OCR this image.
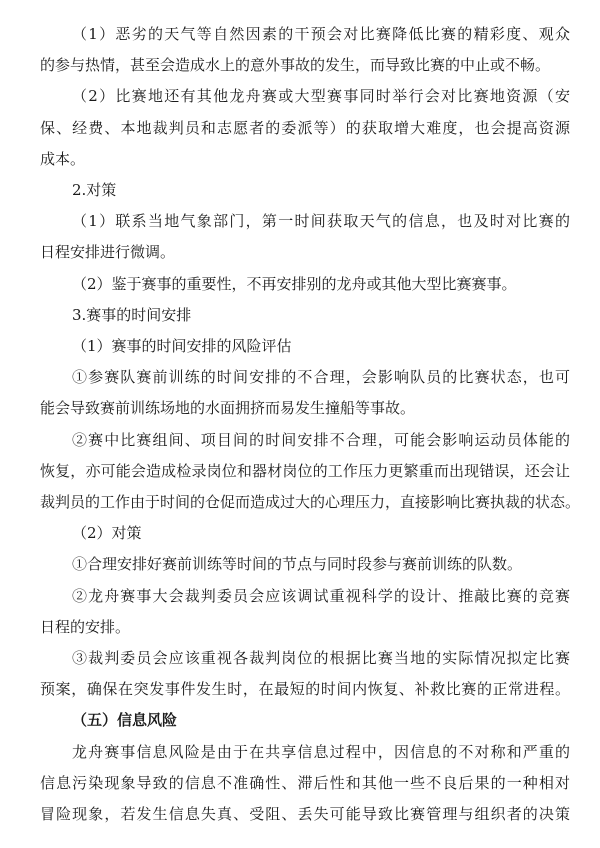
（1）恶劣的天气等自然因素的干预会对比赛降低比赛的精彩度、观众
的参与热情，甚至会造成水上的意外事故的发生，而导致比赛的中止或不畅。
（2）比赛地还有其他龙舟赛或大型赛事同时举行会对比赛地资源（安
保、经费、本地裁判员和志愿者的委派等）的获取增大难度，也会提高资源
成本。
2.对策
（1）联系当地气象部门，第一时间获取天气的信息，也及时对比赛的
日程安排进行微调。
（2）鉴于赛事的重要性，不再安排别的龙舟或其他大型比赛赛事。
3.赛事的时间安排
（1）赛事的时间安排的风险评估
①参赛队赛前训练的时间安排的不合理，会影响队员的比赛状态，也可
能会导致赛前训练场地的水面拥挤而易发生撞船等事故。
②赛中比赛组间、项目间的时间安排不合理，可能会影响运动员体能的
恢复，亦可能会造成检录岗位和器材岗位的工作压力更繁重而出现错误，还会让
裁判员的工作由于时间的仓促而造成过大的心理压力，直接影响比赛执裁的状态。
（2）对策
①合理安排好赛前训练等时间的节点与同时段参与赛前训练的队数。
②龙舟赛事大会裁判委员会应该调试重视科学的设计、推敲比赛的竞赛
日程的安排。
③裁判委员会应该重视各裁判岗位的根据比赛当地的实际情况拟定比赛
预案，确保在突发事件发生时，在最短的时间内恢复、补救比赛的正常进程。
（五）信息风险
龙舟赛事信息风险是由于在共享信息过程中，因信息的不对称和严重的
信息污染现象导致的信息不准确性、滞后性和其他一些不良后果的一种相对
冒险现象，若发生信息失真、受阻、丢失可能导致比赛管理与组织者的决策
